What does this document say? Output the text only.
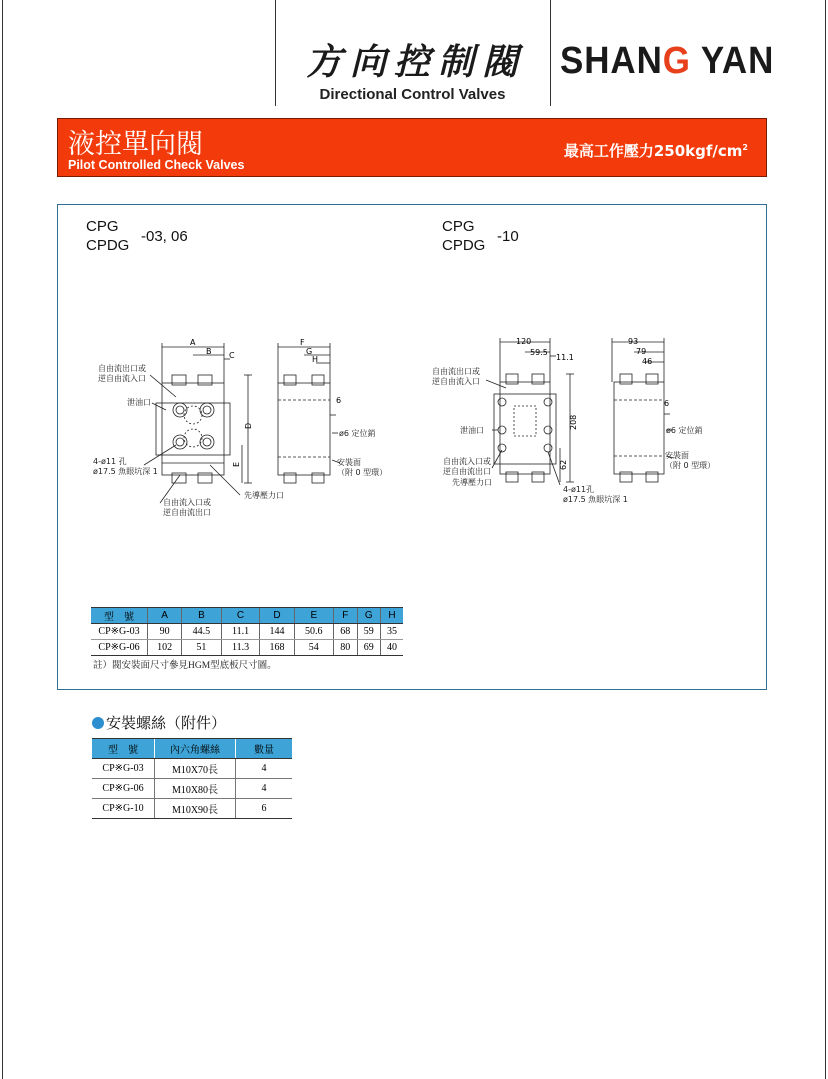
方向控制閥
Directional Control Valves
SHANG YAN
液控單向閥
Pilot Controlled Check Valves
最高工作壓力$250kgf/cm^2$
CPG
CPDG
-03, 06
CPG
CPDG
-10
A
B C
D
E
F
G
H
6
自由流出口或
逆自由流入口
泄油口
4-ø11 孔
ø17.5 魚眼坑深 1
自由流入口或
逆自由流出口
先導壓力口
ø6 定位銷
安裝面
（附 0 型環）
120
59.5
11.1
208
62
93
79
46
6
自由流出口或
逆自由流入口
泄油口
自由流入口或
逆自由流出口
先導壓力口
4-ø11孔
ø17.5 魚眼坑深 1
ø6 定位銷
安裝面
（附 0 型環）
型　號	A	B	C	D	E	F	G	H
CP※G-03	90	44.5	11.1	144	50.6	68	59	35
CP※G-06	102	51	11.3	168	54	80	69	40
註）閥安裝面尺寸參見HGM型底板尺寸圖。
安裝螺絲（附件）
型　號	內六角螺絲	數量
CP※G-03	M10X70長	4
CP※G-06	M10X80長	4
CP※G-10	M10X90長	6
